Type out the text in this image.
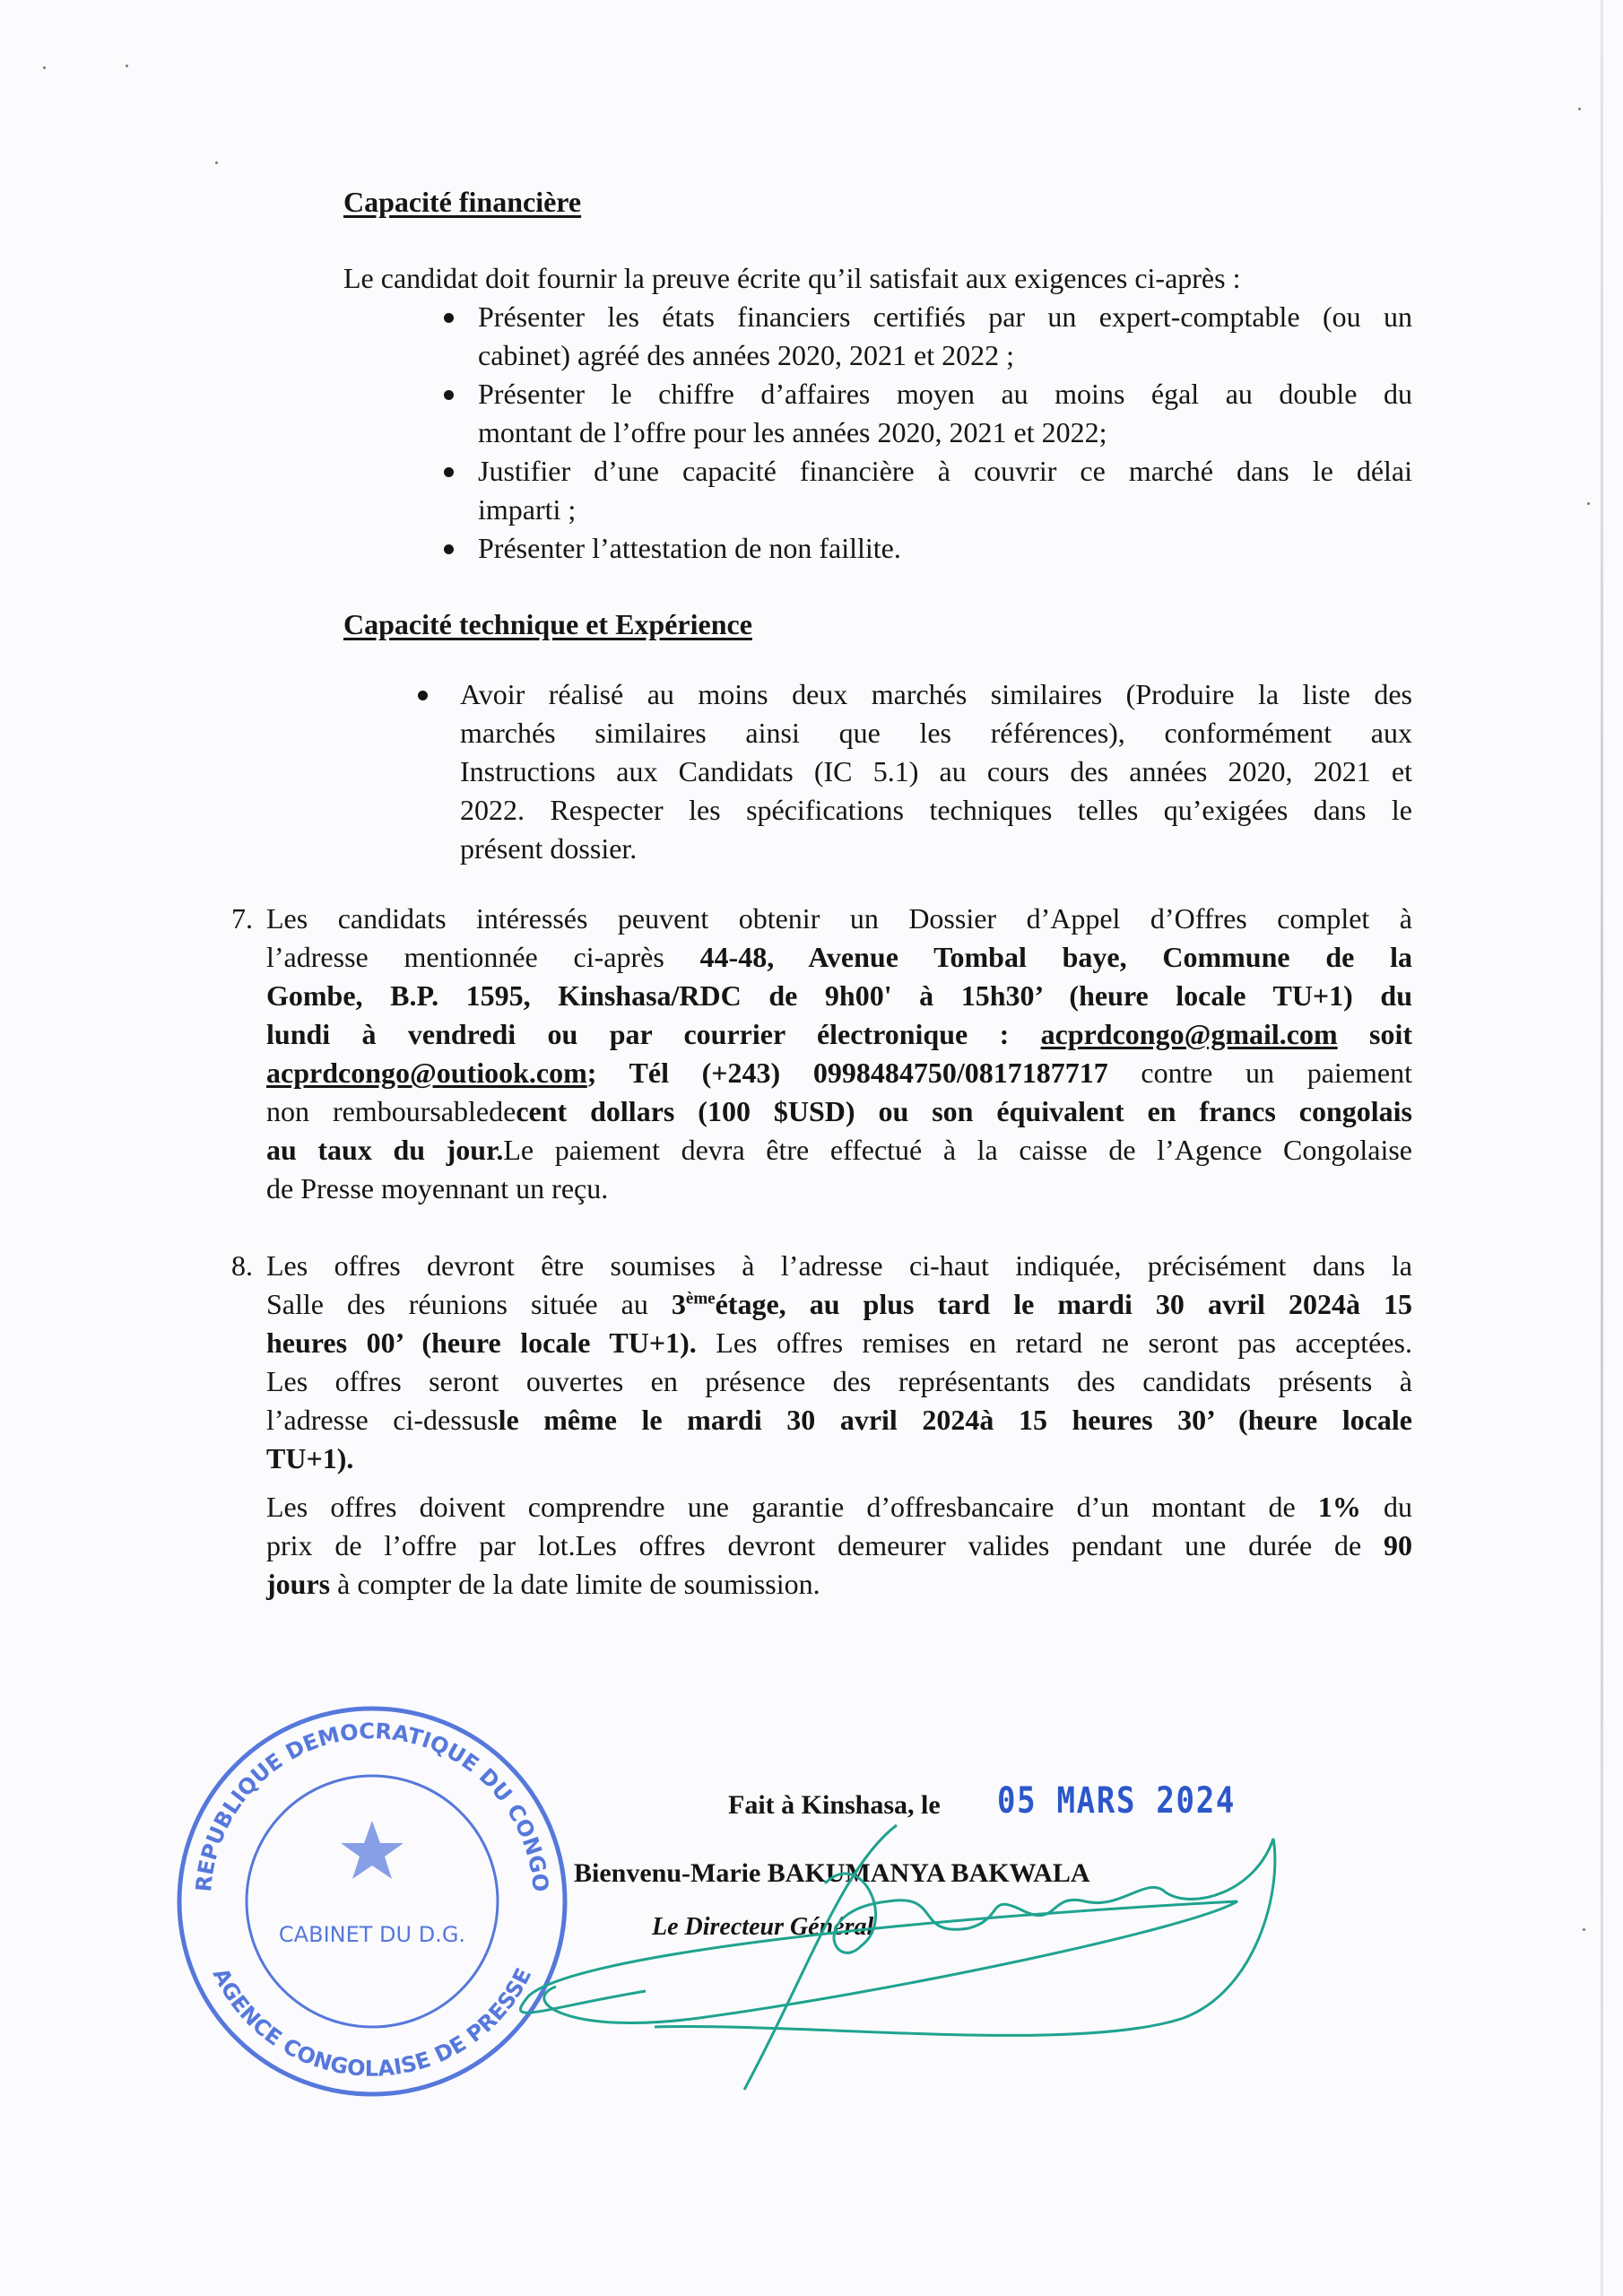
Capacité financière
Le candidat doit fournir la preuve écrite qu’il satisfait aux exigences ci-après :
Présenter les états financiers certifiés par un expert-comptable (ou un
cabinet) agréé des années 2020, 2021 et 2022 ;
Présenter le chiffre d’affaires moyen au moins égal au double du
montant de l’offre pour les années 2020, 2021 et 2022;
Justifier d’une capacité financière à couvrir ce marché dans le délai
imparti ;
Présenter l’attestation de non faillite.
Capacité technique et Expérience
Avoir réalisé au moins deux marchés similaires (Produire la liste des
marchés similaires ainsi que les références), conformément aux
Instructions aux Candidats (IC 5.1) au cours des années 2020, 2021 et
2022. Respecter les spécifications techniques telles qu’exigées dans le
présent dossier.
7. Les candidats intéressés peuvent obtenir un Dossier d’Appel d’Offres complet à
l’adresse mentionnée ci-après 44-48, Avenue Tombal baye, Commune de la
Gombe, B.P. 1595, Kinshasa/RDC de 9h00' à 15h30’ (heure locale TU+1) du
lundi à vendredi ou par courrier électronique : acprdcongo@gmail.com soit
acprdcongo@outiook.com; Tél (+243) 0998484750/0817187717 contre un paiement
non remboursabledecent dollars (100 $USD) ou son équivalent en francs congolais
au taux du jour.Le paiement devra être effectué à la caisse de l’Agence Congolaise
de Presse moyennant un reçu.
8. Les offres devront être soumises à l’adresse ci-haut indiquée, précisément dans la
Salle des réunions située au 3èmeétage, au plus tard le mardi 30 avril 2024à 15
heures 00’ (heure locale TU+1). Les offres remises en retard ne seront pas acceptées.
Les offres seront ouvertes en présence des représentants des candidats présents à
l’adresse ci-dessusle même le mardi 30 avril 2024à 15 heures 30’ (heure locale
TU+1).
Les offres doivent comprendre une garantie d’offresbancaire d’un montant de 1% du
prix de l’offre par lot.Les offres devront demeurer valides pendant une durée de 90
jours à compter de la date limite de soumission.
Fait à Kinshasa, le 05 MARS 2024
Bienvenu-Marie BAKUMANYA BAKWALA
Le Directeur Général
REPUBLIQUE DEMOCRATIQUE DU CONGO
AGENCE CONGOLAISE DE PRESSE
CABINET DU D.G.
